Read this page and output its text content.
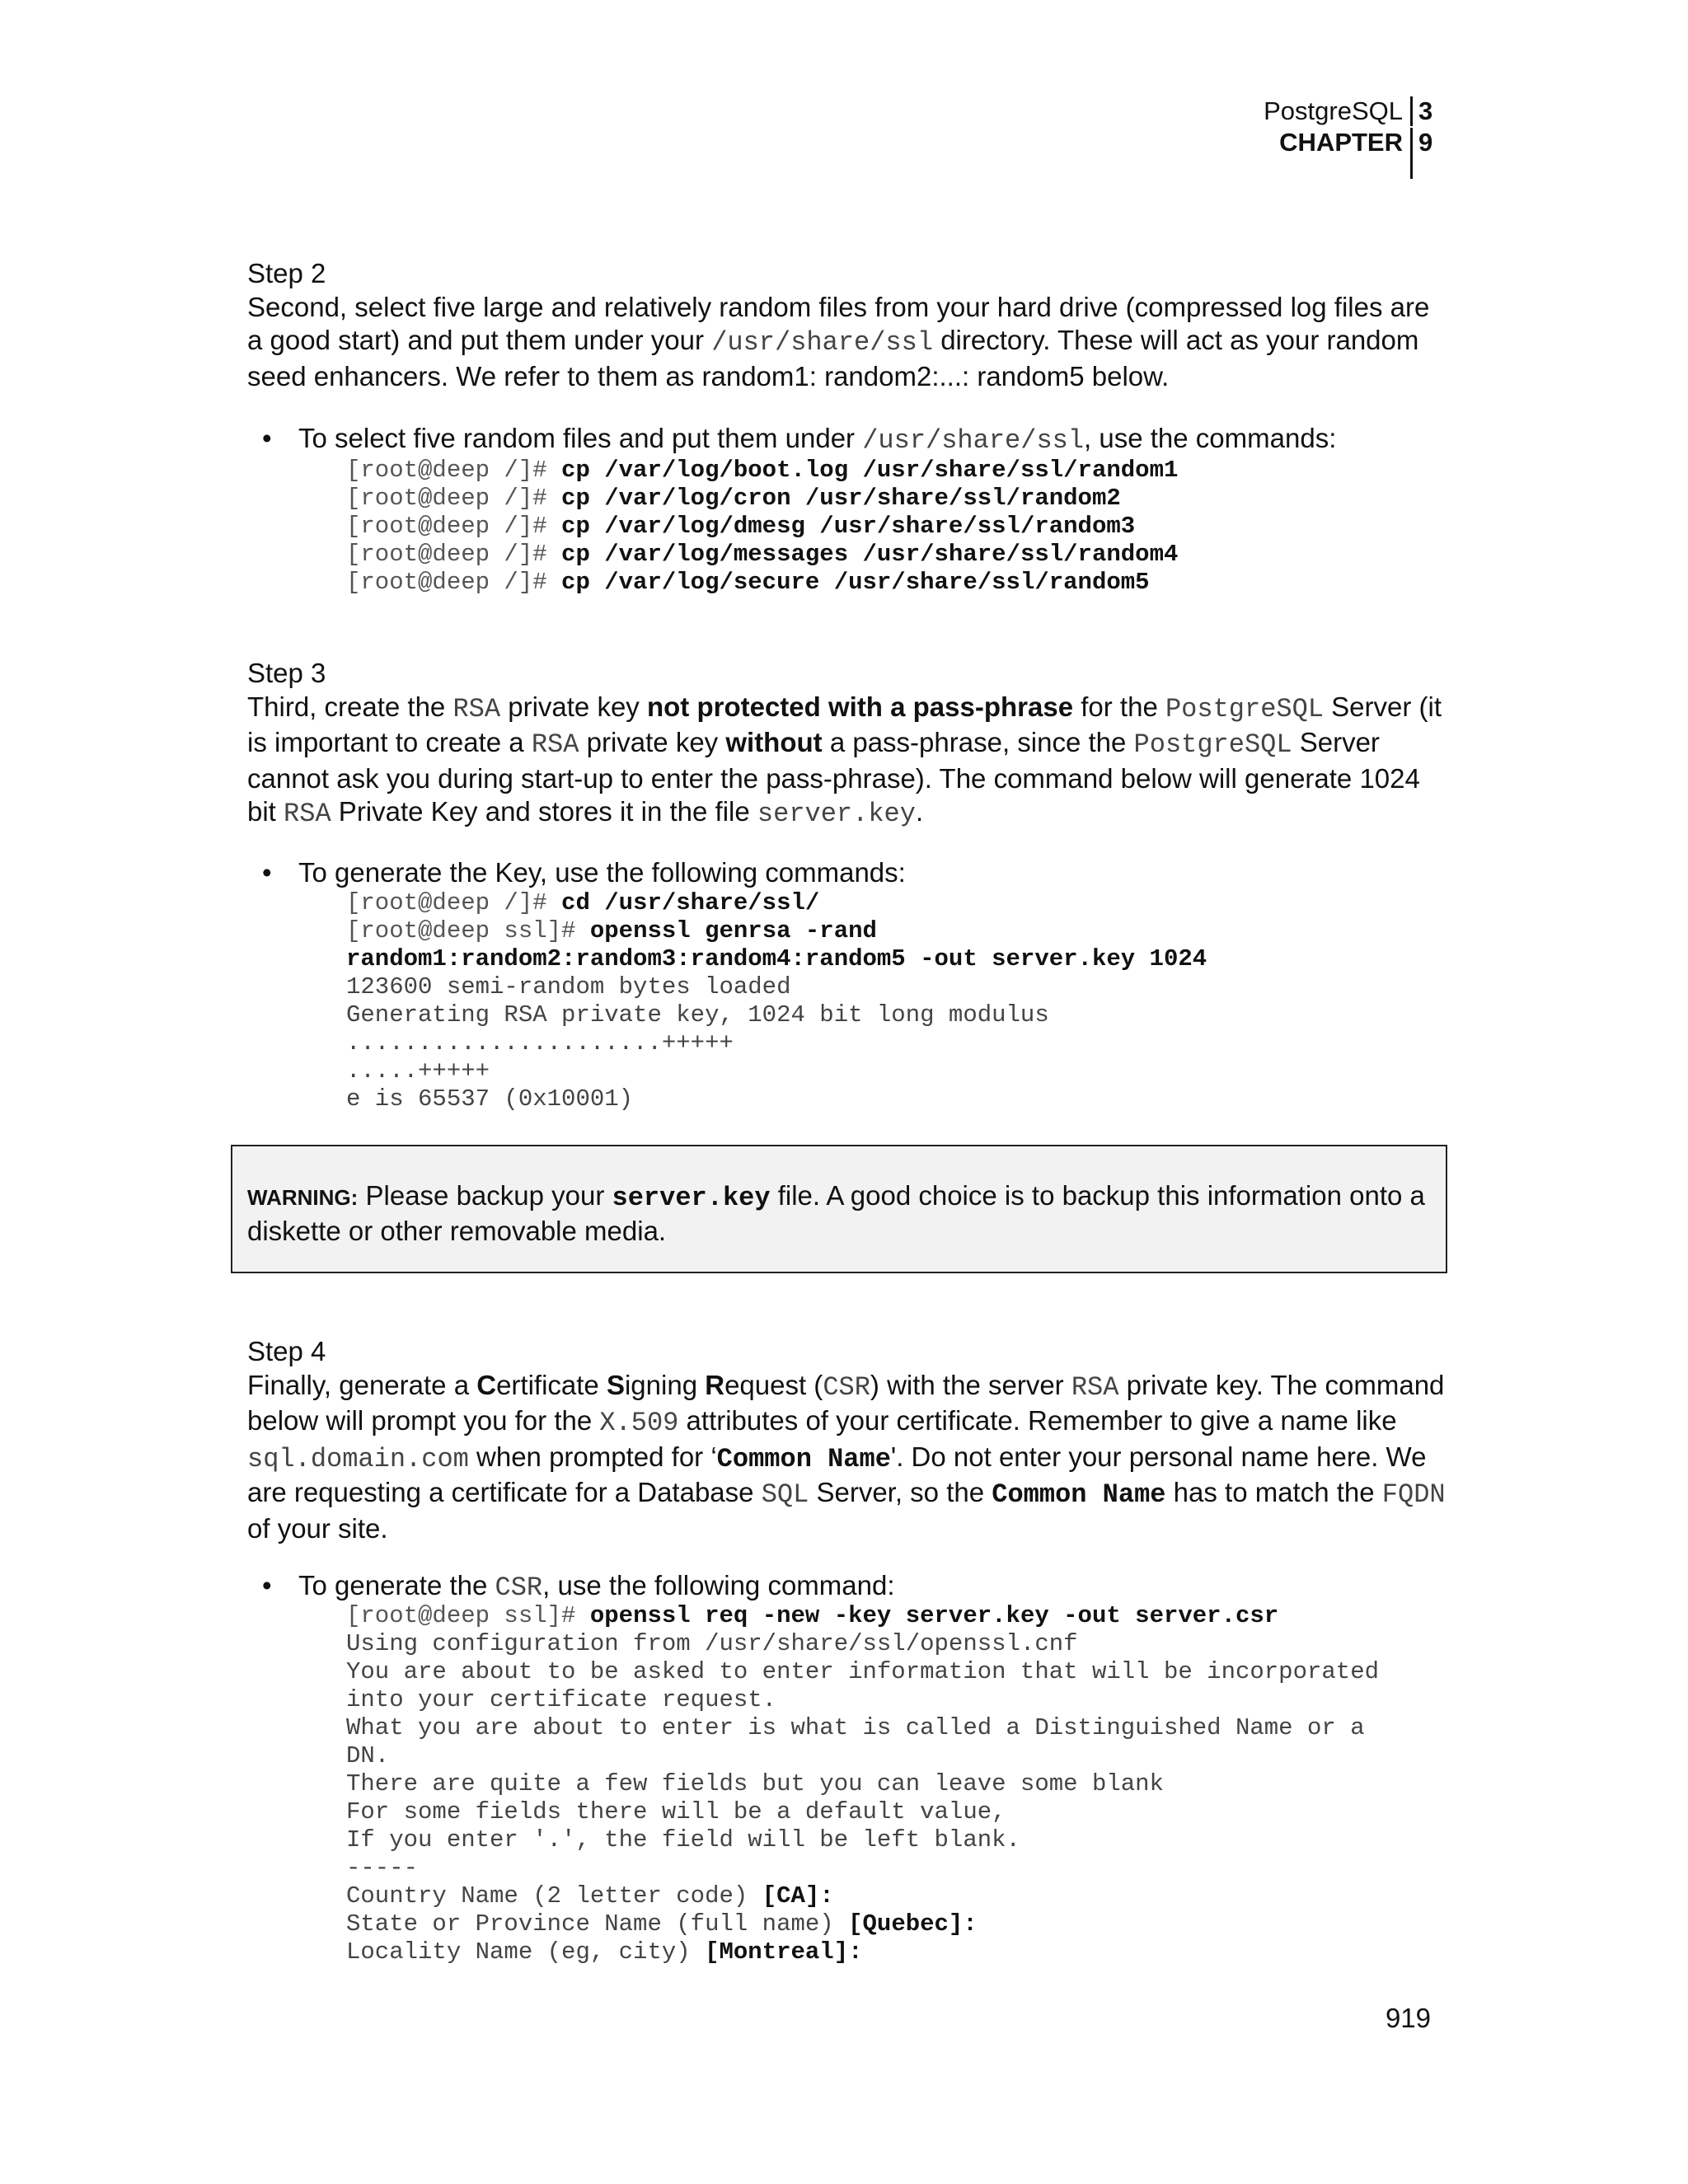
PostgreSQL 3
CHAPTER 9
Step 2
Second, select five large and relatively random files from your hard drive (compressed log files are a good start) and put them under your /usr/share/ssl directory. These will act as your random seed enhancers. We refer to them as random1: random2:...: random5 below.
• To select five random files and put them under /usr/share/ssl, use the commands:
[root@deep /]# cp /var/log/boot.log /usr/share/ssl/random1
[root@deep /]# cp /var/log/cron /usr/share/ssl/random2
[root@deep /]# cp /var/log/dmesg /usr/share/ssl/random3
[root@deep /]# cp /var/log/messages /usr/share/ssl/random4
[root@deep /]# cp /var/log/secure /usr/share/ssl/random5
Step 3
Third, create the RSA private key not protected with a pass-phrase for the PostgreSQL Server (it is important to create a RSA private key without a pass-phrase, since the PostgreSQL Server cannot ask you during start-up to enter the pass-phrase). The command below will generate 1024 bit RSA Private Key and stores it in the file server.key.
• To generate the Key, use the following commands:
[root@deep /]# cd /usr/share/ssl/
[root@deep ssl]# openssl genrsa -rand
random1:random2:random3:random4:random5 -out server.key 1024
123600 semi-random bytes loaded
Generating RSA private key, 1024 bit long modulus
......................+++++
.....+++++
e is 65537 (0x10001)
WARNING: Please backup your server.key file. A good choice is to backup this information onto a diskette or other removable media.
Step 4
Finally, generate a Certificate Signing Request (CSR) with the server RSA private key. The command below will prompt you for the X.509 attributes of your certificate. Remember to give a name like sql.domain.com when prompted for ‘Common Name'. Do not enter your personal name here. We are requesting a certificate for a Database SQL Server, so the Common Name has to match the FQDN of your site.
• To generate the CSR, use the following command:
[root@deep ssl]# openssl req -new -key server.key -out server.csr
Using configuration from /usr/share/ssl/openssl.cnf
You are about to be asked to enter information that will be incorporated
into your certificate request.
What you are about to enter is what is called a Distinguished Name or a
DN.
There are quite a few fields but you can leave some blank
For some fields there will be a default value,
If you enter '.', the field will be left blank.
-----
Country Name (2 letter code) [CA]:
State or Province Name (full name) [Quebec]:
Locality Name (eg, city) [Montreal]:
919
